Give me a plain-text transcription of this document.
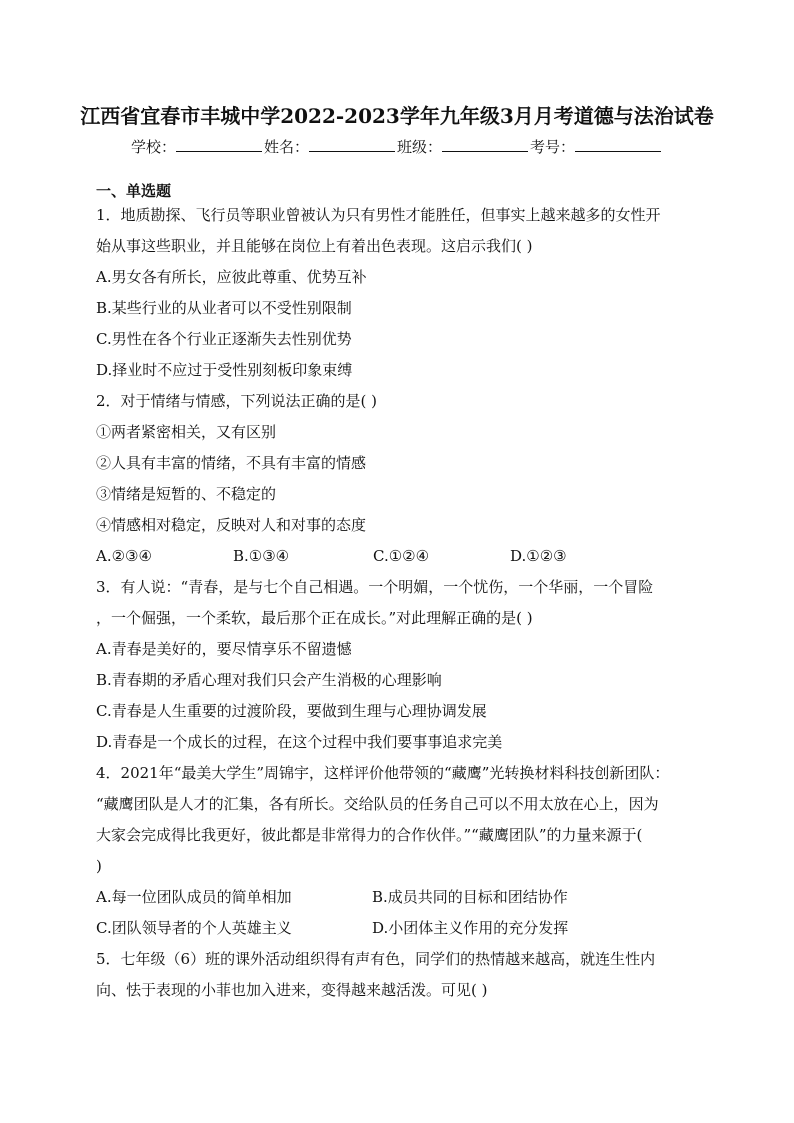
江西省宜春市丰城中学2022-2023学年九年级3月月考道德与法治试卷
学校：	姓名：	班级：	考号：
一、单选题
1．地质勘探、飞行员等职业曾被认为只有男性才能胜任，但事实上越来越多的女性开
始从事这些职业，并且能够在岗位上有着出色表现。这启示我们( )
A.男女各有所长，应彼此尊重、优势互补
B.某些行业的从业者可以不受性别限制
C.男性在各个行业正逐渐失去性别优势
D.择业时不应过于受性别刻板印象束缚
2．对于情绪与情感，下列说法正确的是( )
①两者紧密相关，又有区别
②人具有丰富的情绪，不具有丰富的情感
③情绪是短暂的、不稳定的
④情感相对稳定，反映对人和对事的态度
A.②③④	B.①③④	C.①②④	D.①②③
3．有人说：“青春，是与七个自己相遇。一个明媚，一个忧伤，一个华丽，一个冒险
，一个倔强，一个柔软，最后那个正在成长。”对此理解正确的是( )
A.青春是美好的，要尽情享乐不留遗憾
B.青春期的矛盾心理对我们只会产生消极的心理影响
C.青春是人生重要的过渡阶段，要做到生理与心理协调发展
D.青春是一个成长的过程，在这个过程中我们要事事追求完美
4．2021年“最美大学生”周锦宇，这样评价他带领的“藏鹰”光转换材料科技创新团队：
“藏鹰团队是人才的汇集，各有所长。交给队员的任务自己可以不用太放在心上，因为
大家会完成得比我更好，彼此都是非常得力的合作伙伴。”“藏鹰团队”的力量来源于(
)
A.每一位团队成员的简单相加	B.成员共同的目标和团结协作
C.团队领导者的个人英雄主义	D.小团体主义作用的充分发挥
5．七年级（6）班的课外活动组织得有声有色，同学们的热情越来越高，就连生性内
向、怯于表现的小菲也加入进来，变得越来越活泼。可见( )
